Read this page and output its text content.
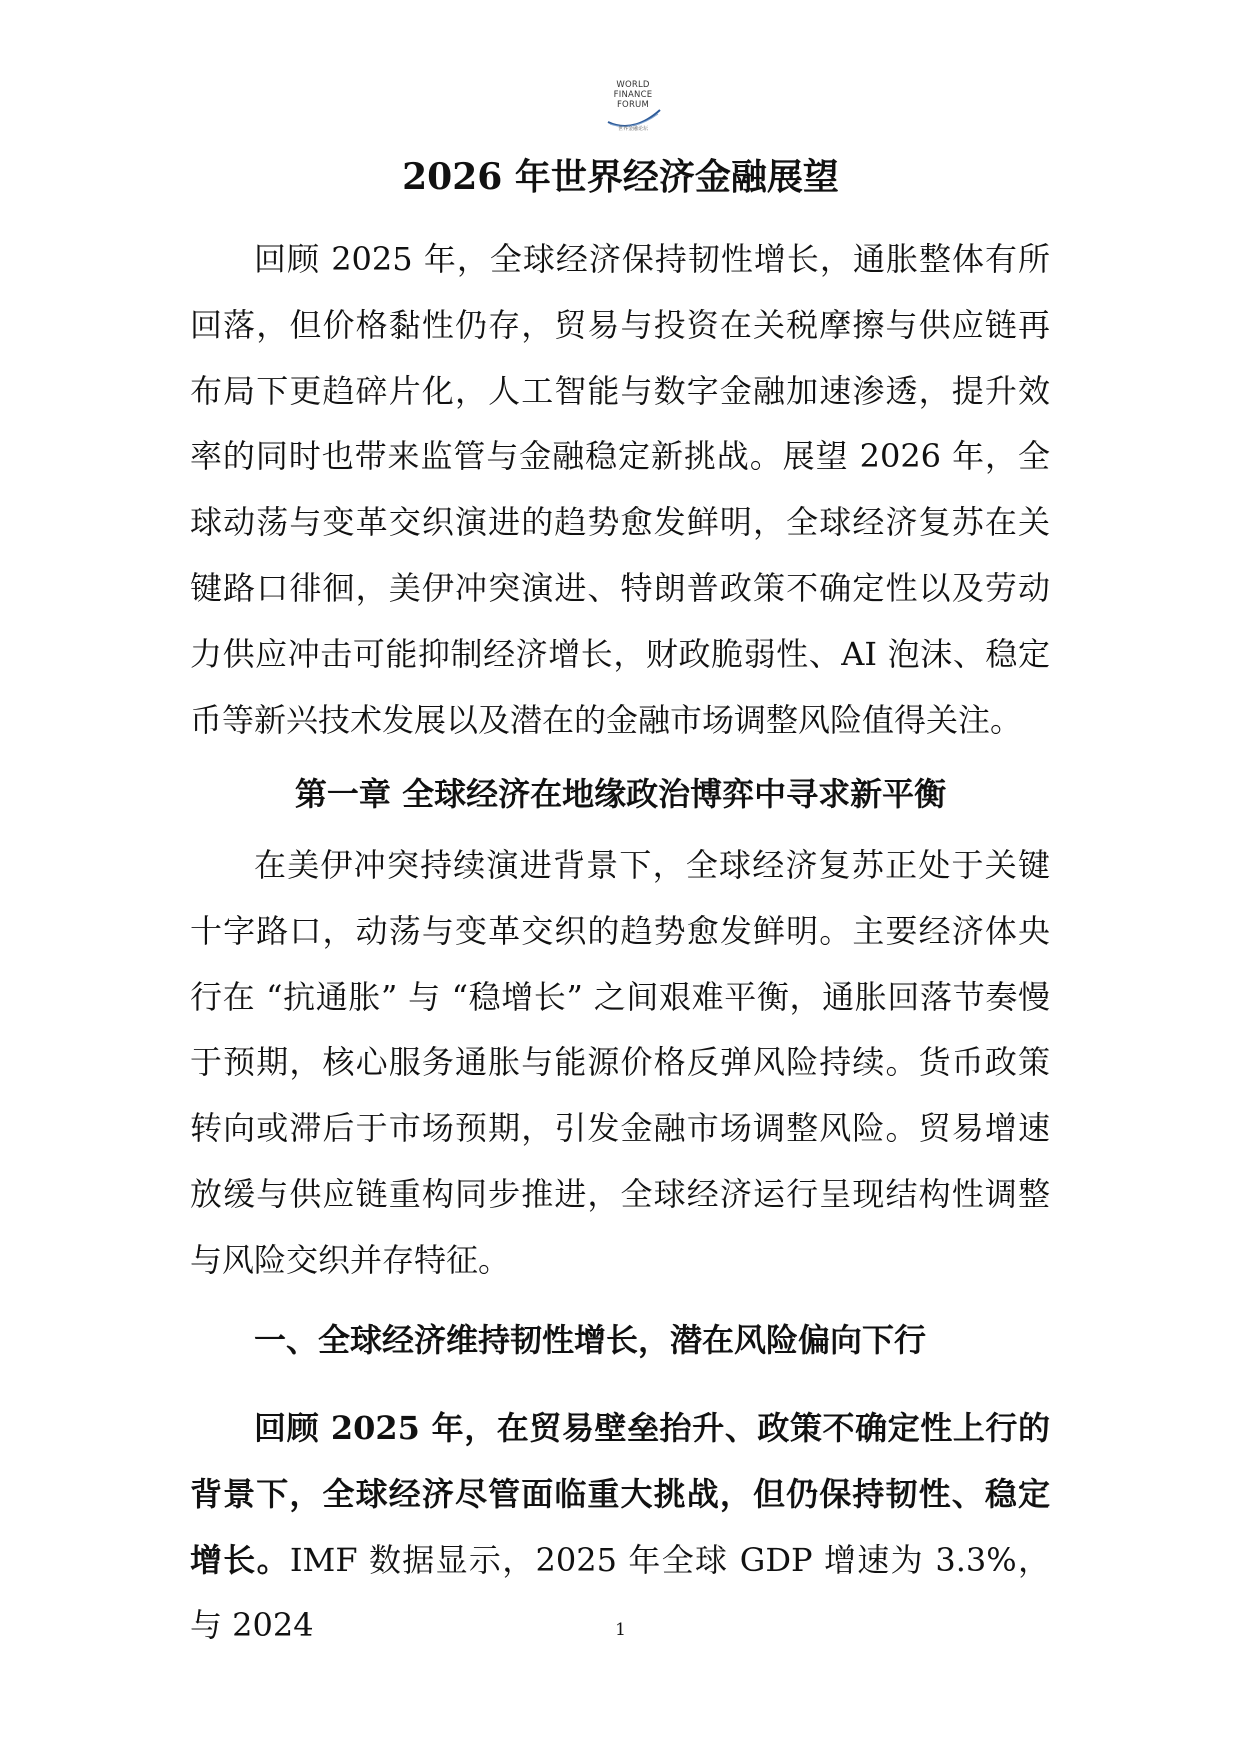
WORLD
FINANCE
FORUM
世界金融论坛
2026 年世界经济金融展望

回顾 2025 年，全球经济保持韧性增长，通胀整体有所回落，但价格黏性仍存，贸易与投资在关税摩擦与供应链再布局下更趋碎片化，人工智能与数字金融加速渗透，提升效率的同时也带来监管与金融稳定新挑战。展望 2026 年，全球动荡与变革交织演进的趋势愈发鲜明，全球经济复苏在关键路口徘徊，美伊冲突演进、特朗普政策不确定性以及劳动力供应冲击可能抑制经济增长，财政脆弱性、AI 泡沫、稳定币等新兴技术发展以及潜在的金融市场调整风险值得关注。

第一章 全球经济在地缘政治博弈中寻求新平衡

在美伊冲突持续演进背景下，全球经济复苏正处于关键十字路口，动荡与变革交织的趋势愈发鲜明。主要经济体央行在 “抗通胀” 与 “稳增长” 之间艰难平衡，通胀回落节奏慢于预期，核心服务通胀与能源价格反弹风险持续。货币政策转向或滞后于市场预期，引发金融市场调整风险。贸易增速放缓与供应链重构同步推进，全球经济运行呈现结构性调整与风险交织并存特征。

一、全球经济维持韧性增长，潜在风险偏向下行

回顾 2025 年，在贸易壁垒抬升、政策不确定性上行的背景下，全球经济尽管面临重大挑战，但仍保持韧性、稳定增长。IMF 数据显示，2025 年全球 GDP 增速为 3.3%，与 2024	1
